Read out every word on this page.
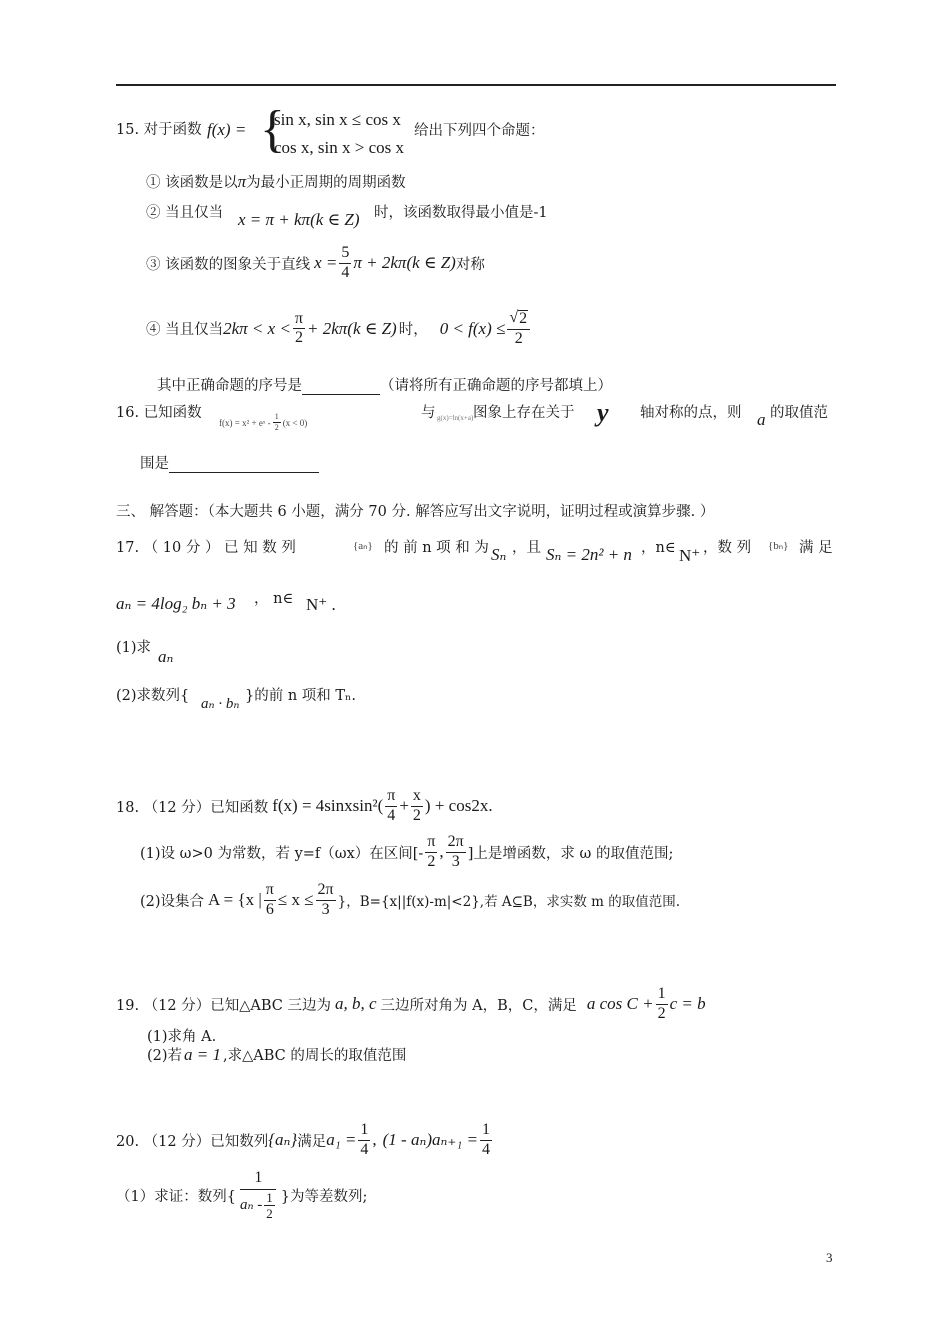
15. 对于函数 f(x) = {
sin x, sin x ≤ cos x
cos x, sin x > cos x
给出下列四个命题：
① 该函数是以π为最小正周期的周期函数
② 当且仅当 x = π + kπ(k ∈ Z) 时，该函数取得最小值是-1
③ 该函数的图象关于直线 $x = \frac{5}{4}$ π + 2kπ(k ∈ Z) 对称
④ 当且仅当 $2k\pi < x < \frac{\pi}{2} + 2k\pi(k$ ∈ Z) 时， $0 < f(x) \le \frac{√ 2}{2}$
其中正确命题的序号是	（请将所有正确命题的序号都填上）
16. 已知函数
f(x) = x² + eˣ - $\frac{1}{2} (x < 0)$
与 g(x)=ln(x+a) 图象上存在关于 y 轴对称的点，则 a 的取值范
围是
三、 解答题：（本大题共 6 小题，满分 70 分. 解答应写出文字说明，证明过程或演算步骤. ）
17. （ 10 分 ） 已 知 数 列	{aₙ} 的 前 n 项 和 为 Sₙ ，且 Sₙ = 2n² + n ，n∈ N⁺ ，数 列 {bₙ} 满 足
aₙ = 4log₂ bₙ + 3 ， n∈ N⁺ .
(1)求 aₙ
(2)求数列{ aₙ · bₙ }的前 n 项和 Tₙ.
18. （12 分）已知函数 f(x) = 4sinxsin²( $\frac{\pi}{4} + \frac{x}{2}$ ) + cos2x.
(1)设 ω>0 为常数，若 y=f（ωx）在区间[- $\frac{\pi}{2}$ , $\frac{2\pi}{3}$ ]上是增函数，求 ω 的取值范围;
(2)设集合 A = {x | $\frac{\pi}{6} \le x \le \frac{2\pi}{3}$ }，B={x||f(x)-m|<2},若 A⊆B，求实数 m 的取值范围.
19. （12 分）已知△ABC 三边为 a, b, c 三边所对角为 A，B，C，满足 a $\cos C + \frac{1}{2}$ c = b
(1)求角 A.
(2)若 a = 1 ,求△ABC 的周长的取值范围
20. （12 分）已知数列 {aₙ} 满足 $a_1 = \frac{1}{4}$ , $(1 - a_n)a_{n+1} = \frac{1}{4}$
（1）求证：数列{ $\frac{1}{a_n - \frac{1}{2}}$ }为等差数列;
3
